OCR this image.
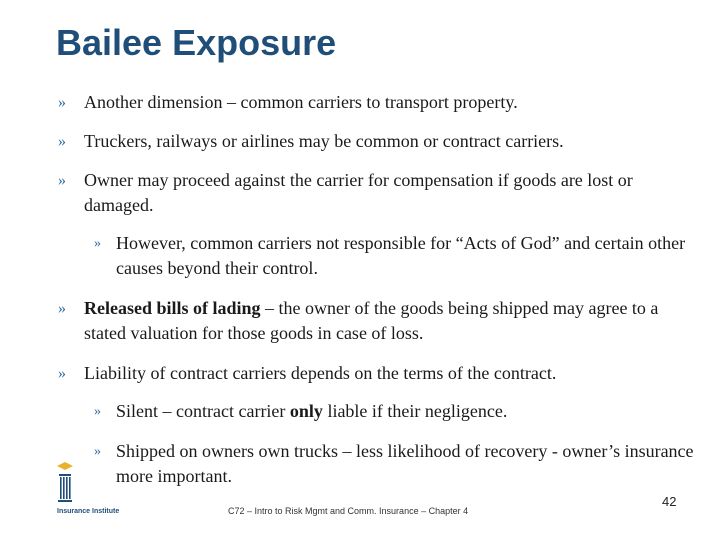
Bailee Exposure
» Another dimension – common carriers to transport property.
» Truckers, railways or airlines may be common or contract carriers.
» Owner may proceed against the carrier for compensation if goods are lost or damaged.
» However, common carriers not responsible for “Acts of God” and certain other causes beyond their control.
» Released bills of lading – the owner of the goods being shipped may agree to a stated valuation for those goods in case of loss.
» Liability of contract carriers depends on the terms of the contract.
» Silent – contract carrier only liable if their negligence.
» Shipped on owners own trucks – less likelihood of recovery - owner’s insurance more important.
Insurance Institute	C72 – Intro to Risk Mgmt and Comm. Insurance – Chapter 4
42
